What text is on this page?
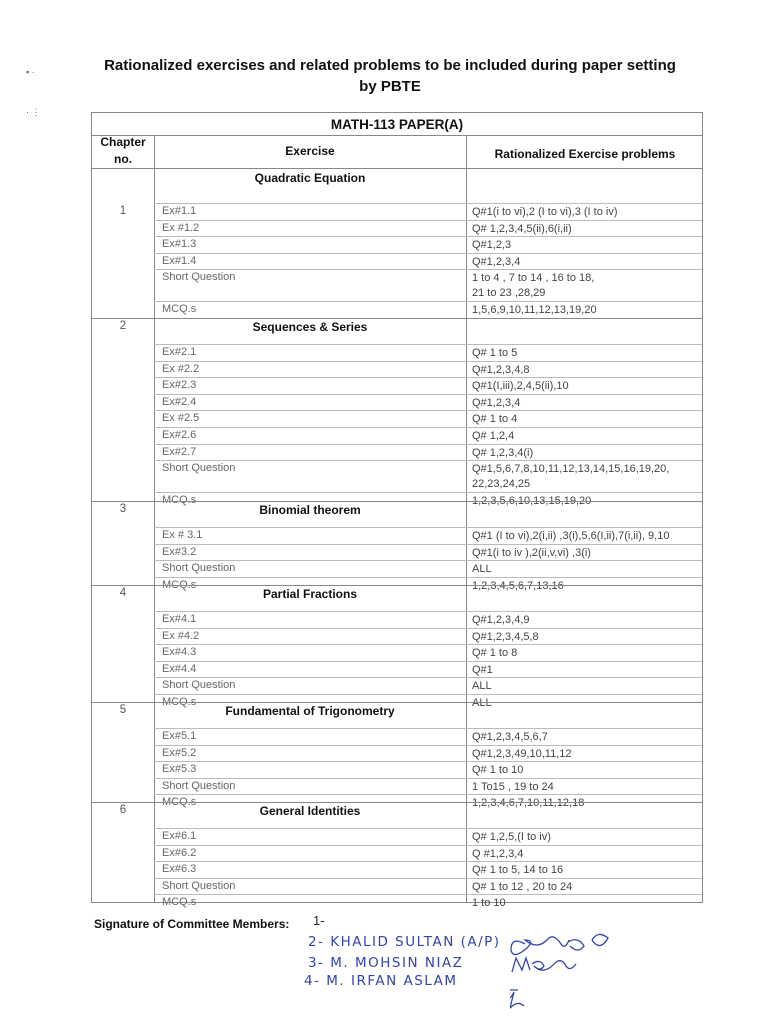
▪ ·
· ⋮
Rationalized exercises and related problems to be included during paper setting
by PBTE
MATH-113 PAPER(A)
Chapter
no.
Exercise	Rationalized Exercise problems
Quadratic Equation
1	Ex#1.1	Q#1(i to vi),2 (I to vi),3 (I to iv)
Ex #1.2	Q# 1,2,3,4,5(ii),6(i,ii)
Ex#1.3	Q#1,2,3
Ex#1.4	Q#1,2,3,4
Short Question	1 to 4 , 7 to 14 , 16 to 18,
21 to 23 ,28,29
MCQ.s	1,5,6,9,10,11,12,13,19,20
Sequences & Series
2
Ex#2.1	Q# 1 to 5
Ex #2.2	Q#1,2,3,4,8
Ex#2.3	Q#1(I,iii),2,4,5(ii),10
Ex#2.4	Q#1,2,3,4
Ex #2.5	Q# 1 to 4
Ex#2.6	Q# 1,2,4
Ex#2.7	Q# 1,2,3,4(i)
Short Question	Q#1,5,6,7,8,10,11,12,13,14,15,16,19,20,
22,23,24,25
MCQ.s	1,2,3,5,6,10,13,15,19,20
Binomial theorem
3
Ex # 3.1	Q#1 (I to vi),2(i,ii) ,3(i),5,6(I,ii),7(i,ii), 9,10
Ex#3.2	Q#1(i to iv ),2(ii,v,vi) ,3(i)
Short Question	ALL
MCQ.s	1,2,3,4,5,6,7,13,16
Partial Fractions
4
Ex#4.1	Q#1,2,3,4,9
Ex #4.2	Q#1,2,3,4,5,8
Ex#4.3	Q# 1 to 8
Ex#4.4	Q#1
Short Question	ALL
MCQ.s	ALL
Fundamental of Trigonometry
5
Ex#5.1	Q#1,2,3,4,5,6,7
Ex#5.2	Q#1,2,3,49,10,11,12
Ex#5.3	Q# 1 to 10
Short Question	1 To15 , 19 to 24
MCQ.s	1,2,3,4,6,7,10,11,12,18
General Identities
6
Ex#6.1	Q# 1,2,5,(I to iv)
Ex#6.2	Q #1,2,3,4
Ex#6.3	Q# 1 to 5, 14 to 16
Short Question	Q# 1 to 12 , 20 to 24
MCQ.s	1 to 10
Signature of Committee Members: 1-
2- KHALID SULTAN (A/P)
3- M. MOHSIN NIAZ
4- M. IRFAN ASLAM
